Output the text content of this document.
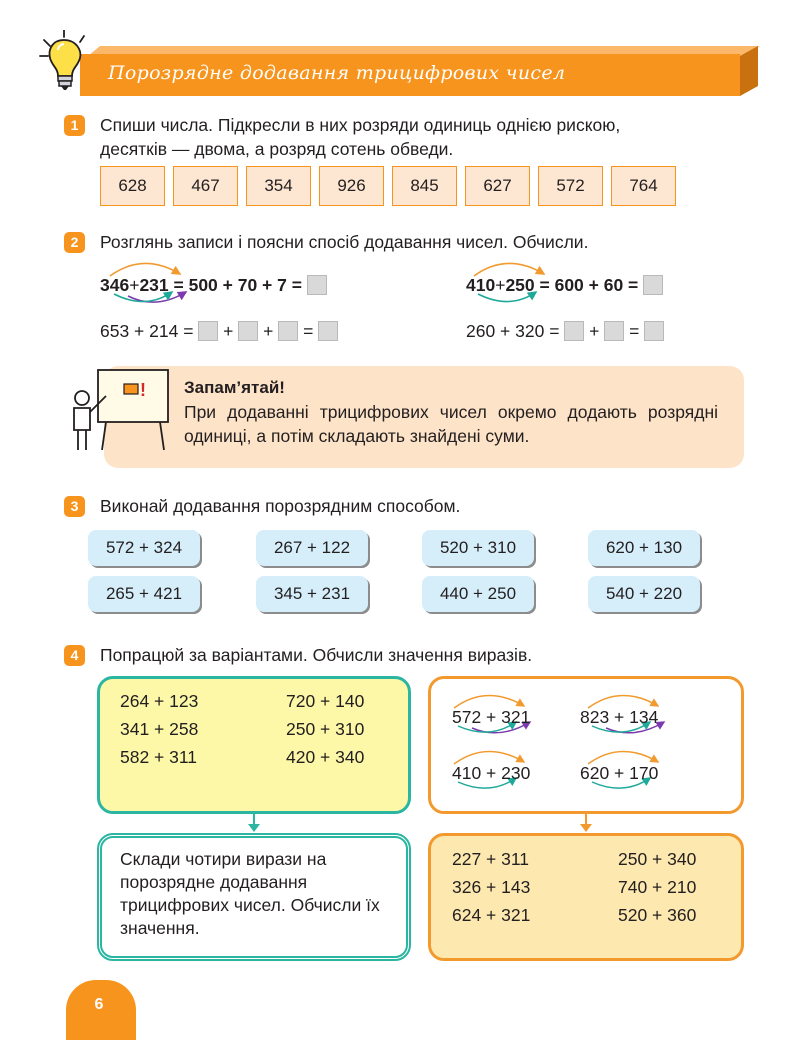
Порозрядне додавання трицифрових чисел
1	Спиши числа. Підкресли в них розряди одиниць однією рискою,
десятків — двома, а розряд сотень обведи.
628	467	354	926	845	627	572	764
2	Розглянь записи і поясни спосіб додавання чисел. Обчисли.
346+231 = 500 + 70 + 7 =	410+250 = 600 + 60 =
653 + 214 =  +  +  =	260 + 320 =  +  =
! Запам’ятай!
При додаванні трицифрових чисел окремо додають розрядні одиниці, а потім складають знайдені суми.
3	Виконай додавання порозрядним способом.
572 + 324	267 + 122	520 + 310	620 + 130
265 + 421	345 + 231	440 + 250	540 + 220
4	Попрацюй за варіантами. Обчисли значення виразів.
264 + 123	720 + 140
341 + 258	250 + 310
582 + 311	420 + 340
572 + 321	823 + 134
410 + 230	620 + 170
Склади чотири вирази на порозрядне додавання трицифрових чисел. Обчисли їх значення.
227 + 311	250 + 340
326 + 143	740 + 210
624 + 321	520 + 360
6
